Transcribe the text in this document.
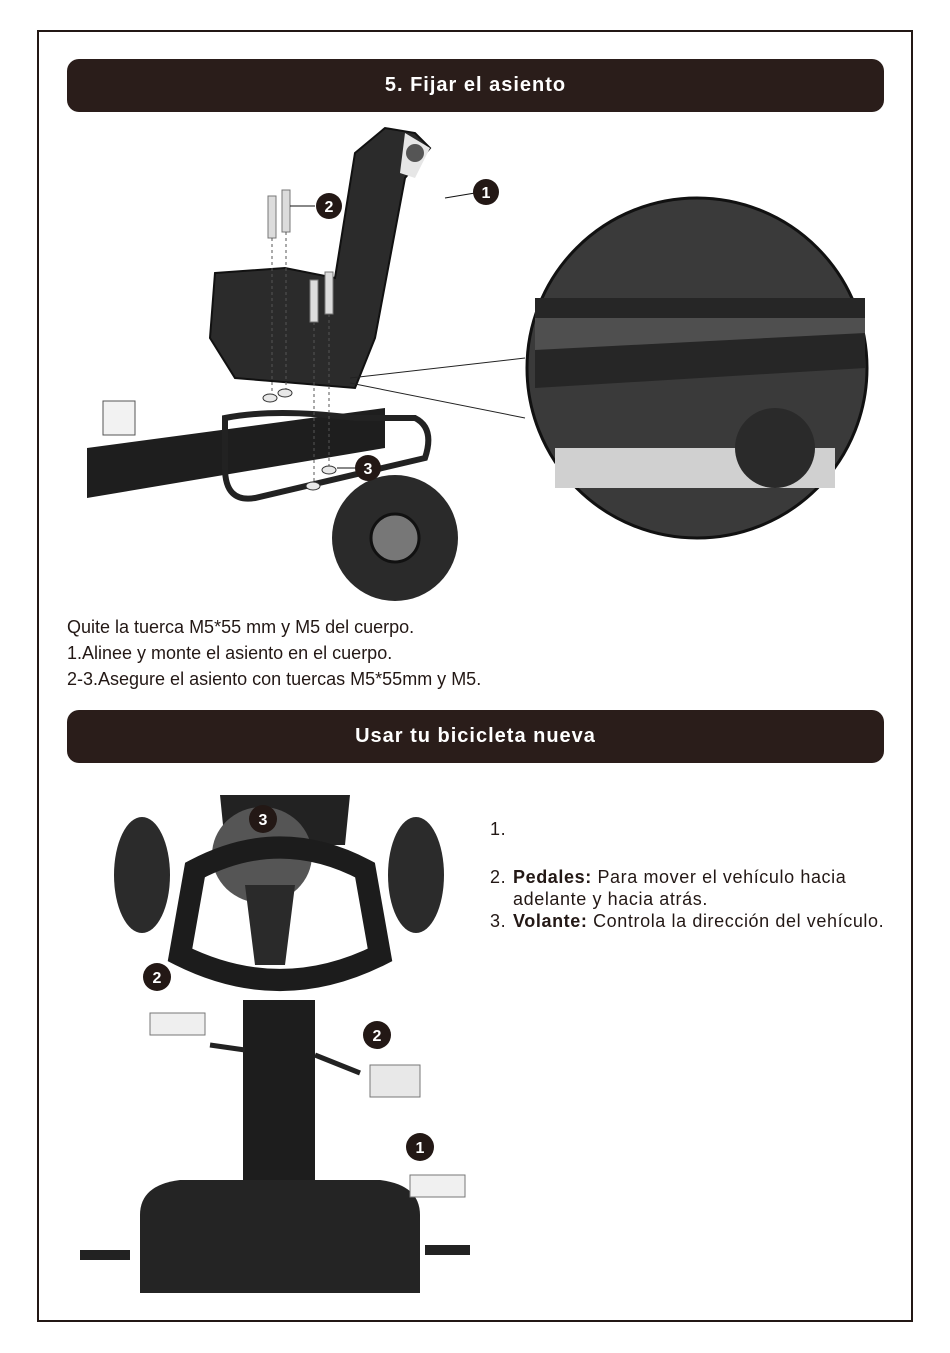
5. Fijar el asiento
1
2
3
Quite la tuerca M5*55 mm y M5 del cuerpo.
1.Alinee y monte el asiento en el cuerpo.
2-3.Asegure el asiento con tuercas M5*55mm y M5.
Usar tu bicicleta nueva
3
2
2
1
1.
2. Pedales: Para mover el vehículo hacia adelante y hacia atrás.
3. Volante: Controla la dirección del vehículo.
